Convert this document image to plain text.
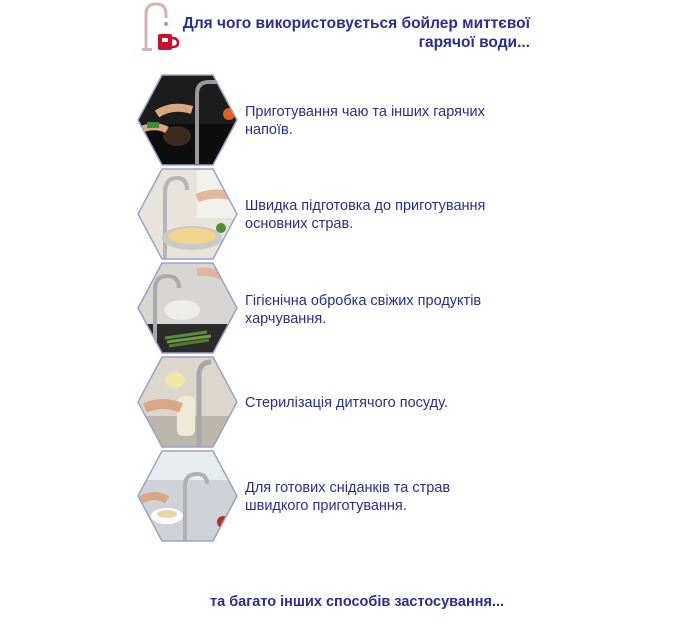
Для чого використовується бойлер миттєвої
гарячої води...
Приготування чаю та інших гарячих
напоїв.
Швидка підготовка до приготування
основних страв.
Гігієнічна обробка свіжих продуктів
харчування.
Стерилізація дитячого посуду.
Для готових сніданків та страв
швидкого приготування.
та багато інших способів застосування...
